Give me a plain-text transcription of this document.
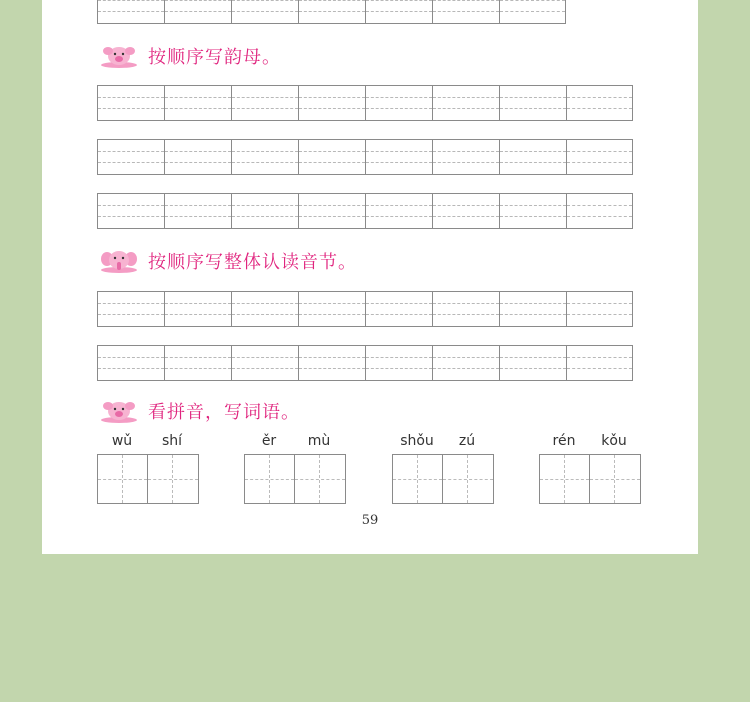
按顺序写韵母。
按顺序写整体认读音节。
看拼音，写词语。
wǔ	shí	ěr	mù	shǒu	zú	rén	kǒu
59
